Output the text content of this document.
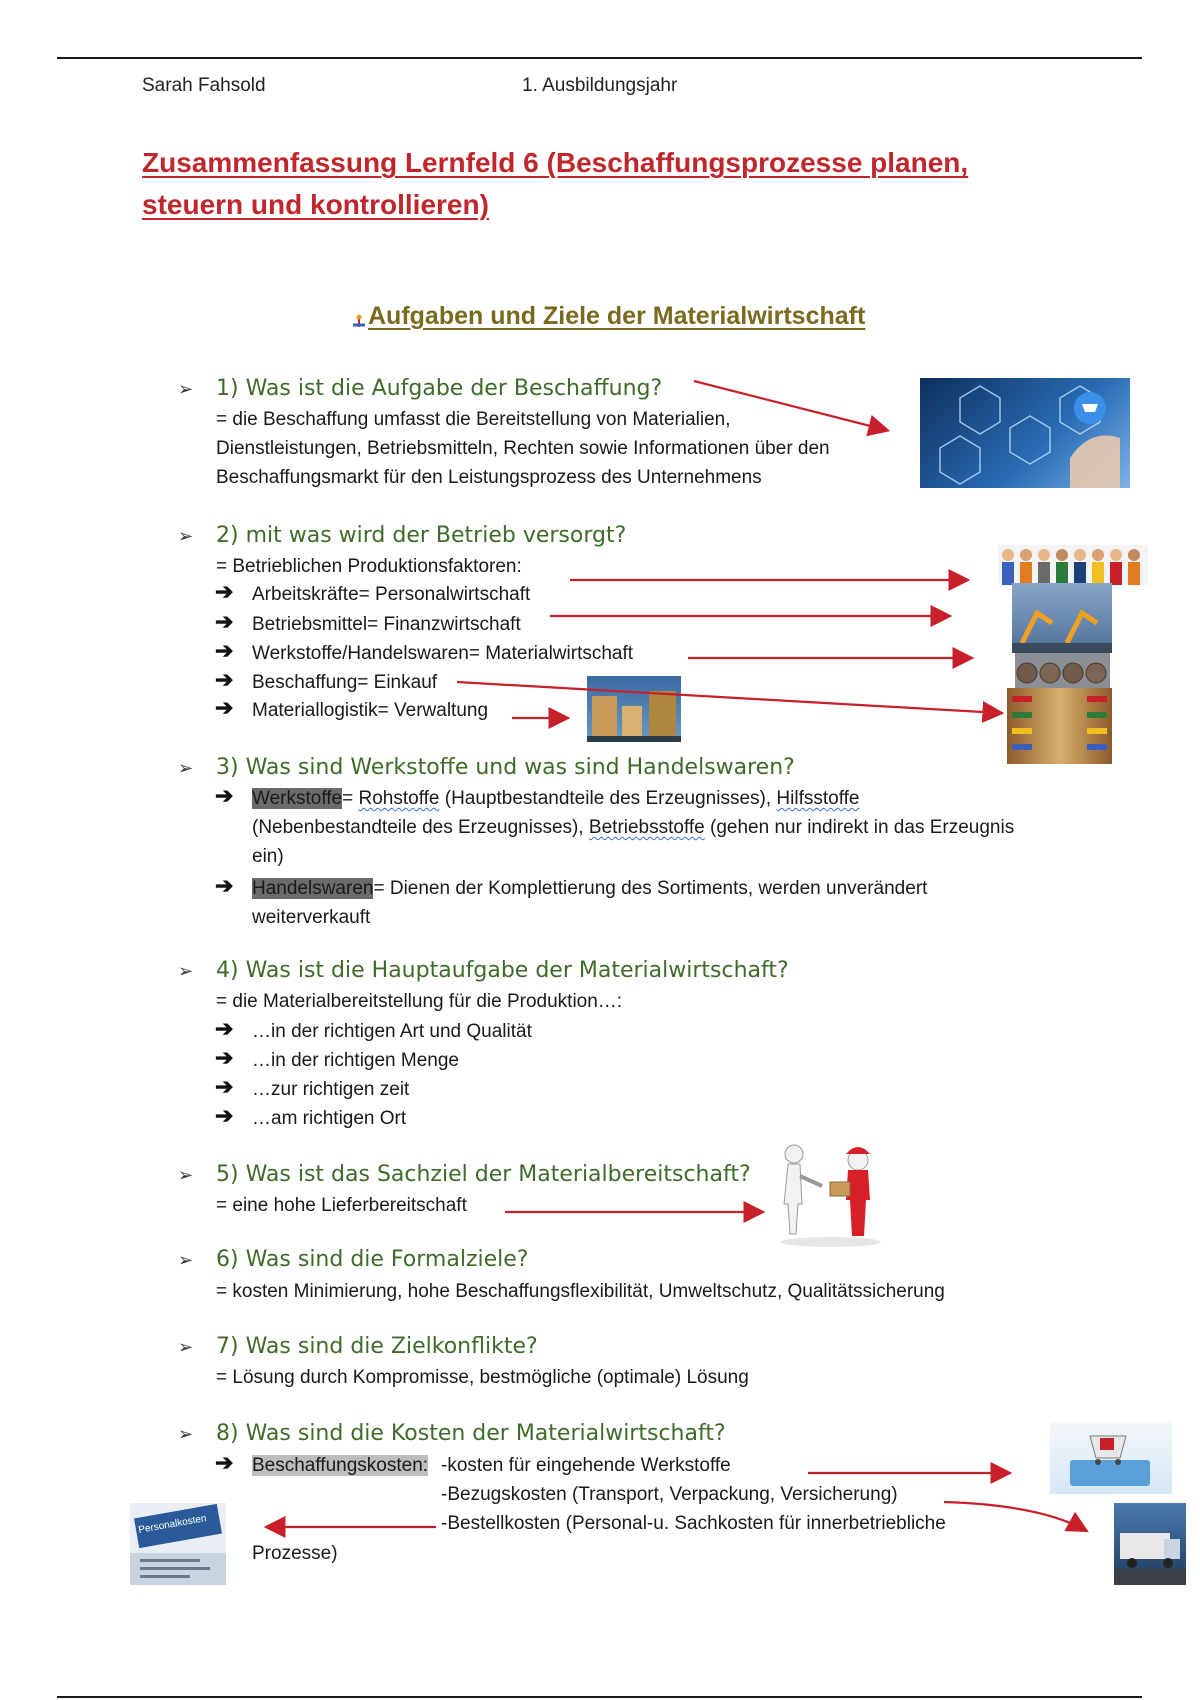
Sarah Fahsold	1. Ausbildungsjahr
Zusammenfassung Lernfeld 6 (Beschaffungsprozesse planen,
steuern und kontrollieren)
Aufgaben und Ziele der Materialwirtschaft
➢ 1) Was ist die Aufgabe der Beschaffung?
= die Beschaffung umfasst die Bereitstellung von Materialien,
Dienstleistungen, Betriebsmitteln, Rechten sowie Informationen über den
Beschaffungsmarkt für den Leistungsprozess des Unternehmens
➢ 2) mit was wird der Betrieb versorgt?
= Betrieblichen Produktionsfaktoren:
➔ Arbeitskräfte= Personalwirtschaft
➔ Betriebsmittel= Finanzwirtschaft
➔ Werkstoffe/Handelswaren= Materialwirtschaft
➔ Beschaffung= Einkauf
➔ Materiallogistik= Verwaltung
➢ 3) Was sind Werkstoffe und was sind Handelswaren?
➔ Werkstoffe= Rohstoffe (Hauptbestandteile des Erzeugnisses), Hilfsstoffe
(Nebenbestandteile des Erzeugnisses), Betriebsstoffe (gehen nur indirekt in das Erzeugnis
ein)
➔ Handelswaren= Dienen der Komplettierung des Sortiments, werden unverändert
weiterverkauft
➢ 4) Was ist die Hauptaufgabe der Materialwirtschaft?
= die Materialbereitstellung für die Produktion…:
➔ …in der richtigen Art und Qualität
➔ …in der richtigen Menge
➔ …zur richtigen zeit
➔ …am richtigen Ort
➢ 5) Was ist das Sachziel der Materialbereitschaft?
= eine hohe Lieferbereitschaft
➢ 6) Was sind die Formalziele?
= kosten Minimierung, hohe Beschaffungsflexibilität, Umweltschutz, Qualitätssicherung
➢ 7) Was sind die Zielkonflikte?
= Lösung durch Kompromisse, bestmögliche (optimale) Lösung
➢ 8) Was sind die Kosten der Materialwirtschaft?
➔ Beschaffungskosten: -kosten für eingehende Werkstoffe
-Bezugskosten (Transport, Verpackung, Versicherung)
-Bestellkosten (Personal-u. Sachkosten für innerbetriebliche
Prozesse)
Personalkosten
